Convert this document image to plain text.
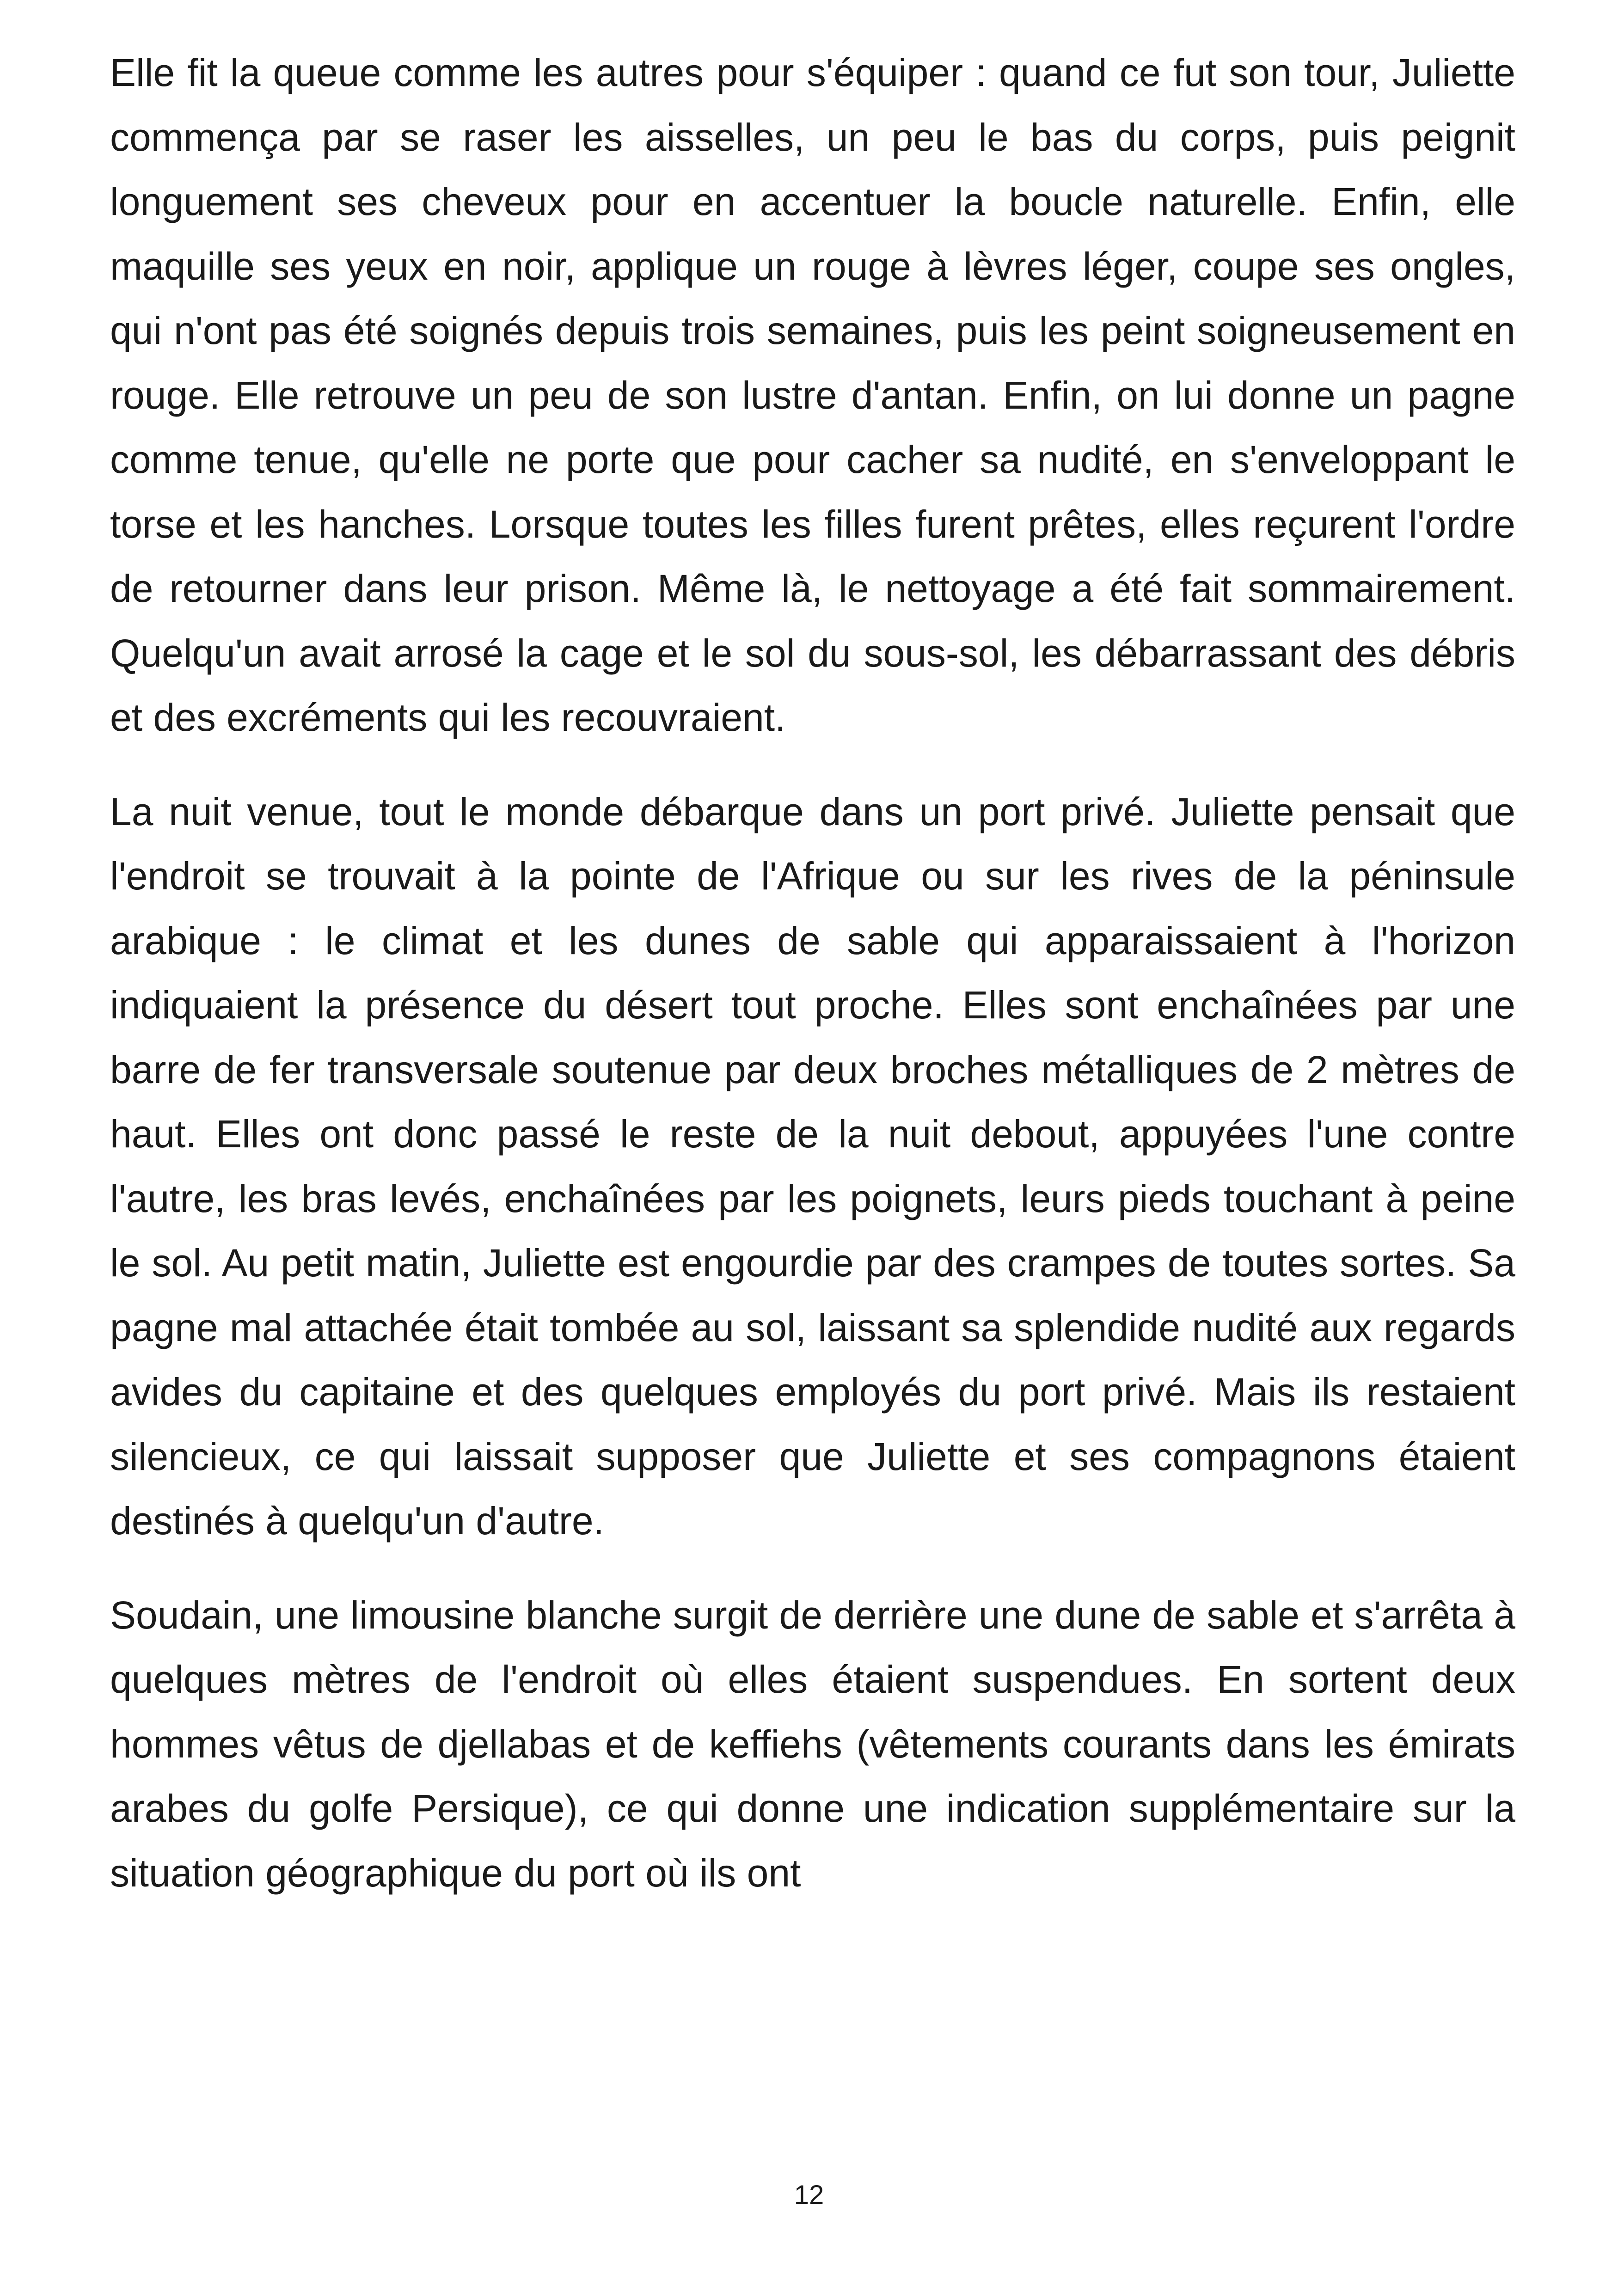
Elle fit la queue comme les autres pour s'équiper : quand ce fut son tour, Juliette commença par se raser les aisselles, un peu le bas du corps, puis peignit longuement ses cheveux pour en accentuer la boucle naturelle. Enfin, elle maquille ses yeux en noir, applique un rouge à lèvres léger, coupe ses ongles, qui n'ont pas été soignés depuis trois semaines, puis les peint soigneusement en rouge. Elle retrouve un peu de son lustre d'antan. Enfin, on lui donne un pagne comme tenue, qu'elle ne porte que pour cacher sa nudité, en s'enveloppant le torse et les hanches. Lorsque toutes les filles furent prêtes, elles reçurent l'ordre de retourner dans leur prison. Même là, le nettoyage a été fait sommairement. Quelqu'un avait arrosé la cage et le sol du sous-sol, les débarrassant des débris et des excréments qui les recouvraient.

La nuit venue, tout le monde débarque dans un port privé. Juliette pensait que l'endroit se trouvait à la pointe de l'Afrique ou sur les rives de la péninsule arabique : le climat et les dunes de sable qui apparaissaient à l'horizon indiquaient la présence du désert tout proche. Elles sont enchaînées par une barre de fer transversale soutenue par deux broches métalliques de 2 mètres de haut. Elles ont donc passé le reste de la nuit debout, appuyées l'une contre l'autre, les bras levés, enchaînées par les poignets, leurs pieds touchant à peine le sol. Au petit matin, Juliette est engourdie par des crampes de toutes sortes. Sa pagne mal attachée était tombée au sol, laissant sa splendide nudité aux regards avides du capitaine et des quelques employés du port privé. Mais ils restaient silencieux, ce qui laissait supposer que Juliette et ses compagnons étaient destinés à quelqu'un d'autre.

Soudain, une limousine blanche surgit de derrière une dune de sable et s'arrêta à quelques mètres de l'endroit où elles étaient suspendues. En sortent deux hommes vêtus de djellabas et de keffiehs (vêtements courants dans les émirats arabes du golfe Persique), ce qui donne une indication supplémentaire sur la situation géographique du port où ils ont

12
